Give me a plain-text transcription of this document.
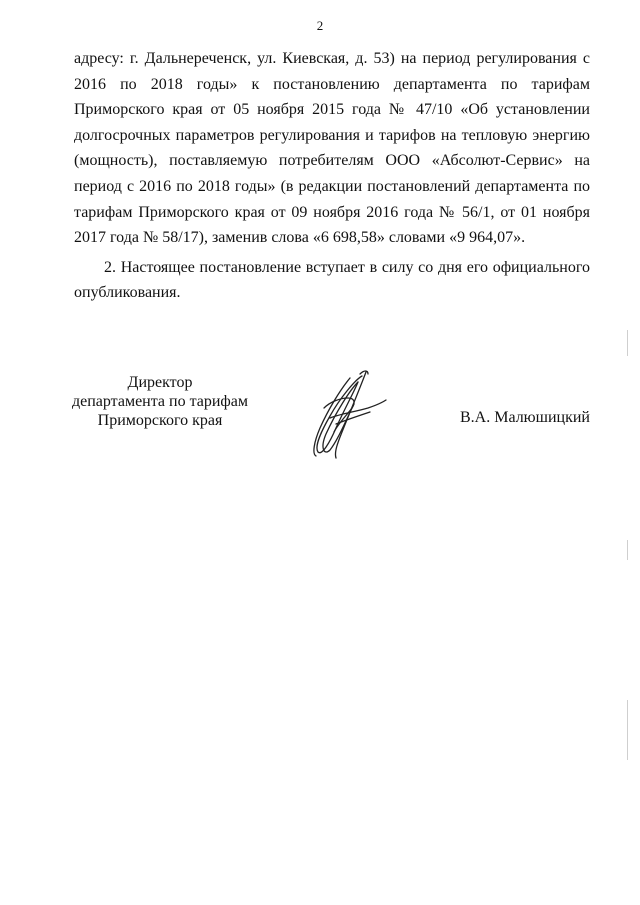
2

адресу: г. Дальнереченск, ул. Киевская, д. 53) на период регулирования с 2016 по 2018 годы» к постановлению департамента по тарифам Приморского края от 05 ноября 2015 года № 47/10 «Об установлении долгосрочных параметров регулирования и тарифов на тепловую энергию (мощность), поставляемую потребителям ООО «Абсолют-Сервис» на период с 2016 по 2018 годы» (в редакции постановлений департамента по тарифам Приморского края от 09 ноября 2016 года № 56/1, от 01 ноября 2017 года № 58/17), заменив слова «6 698,58» словами «9 964,07».

2. Настоящее постановление вступает в силу со дня его официального опубликования.

Директор
департамента по тарифам
Приморского края	В.А. Малюшицкий
